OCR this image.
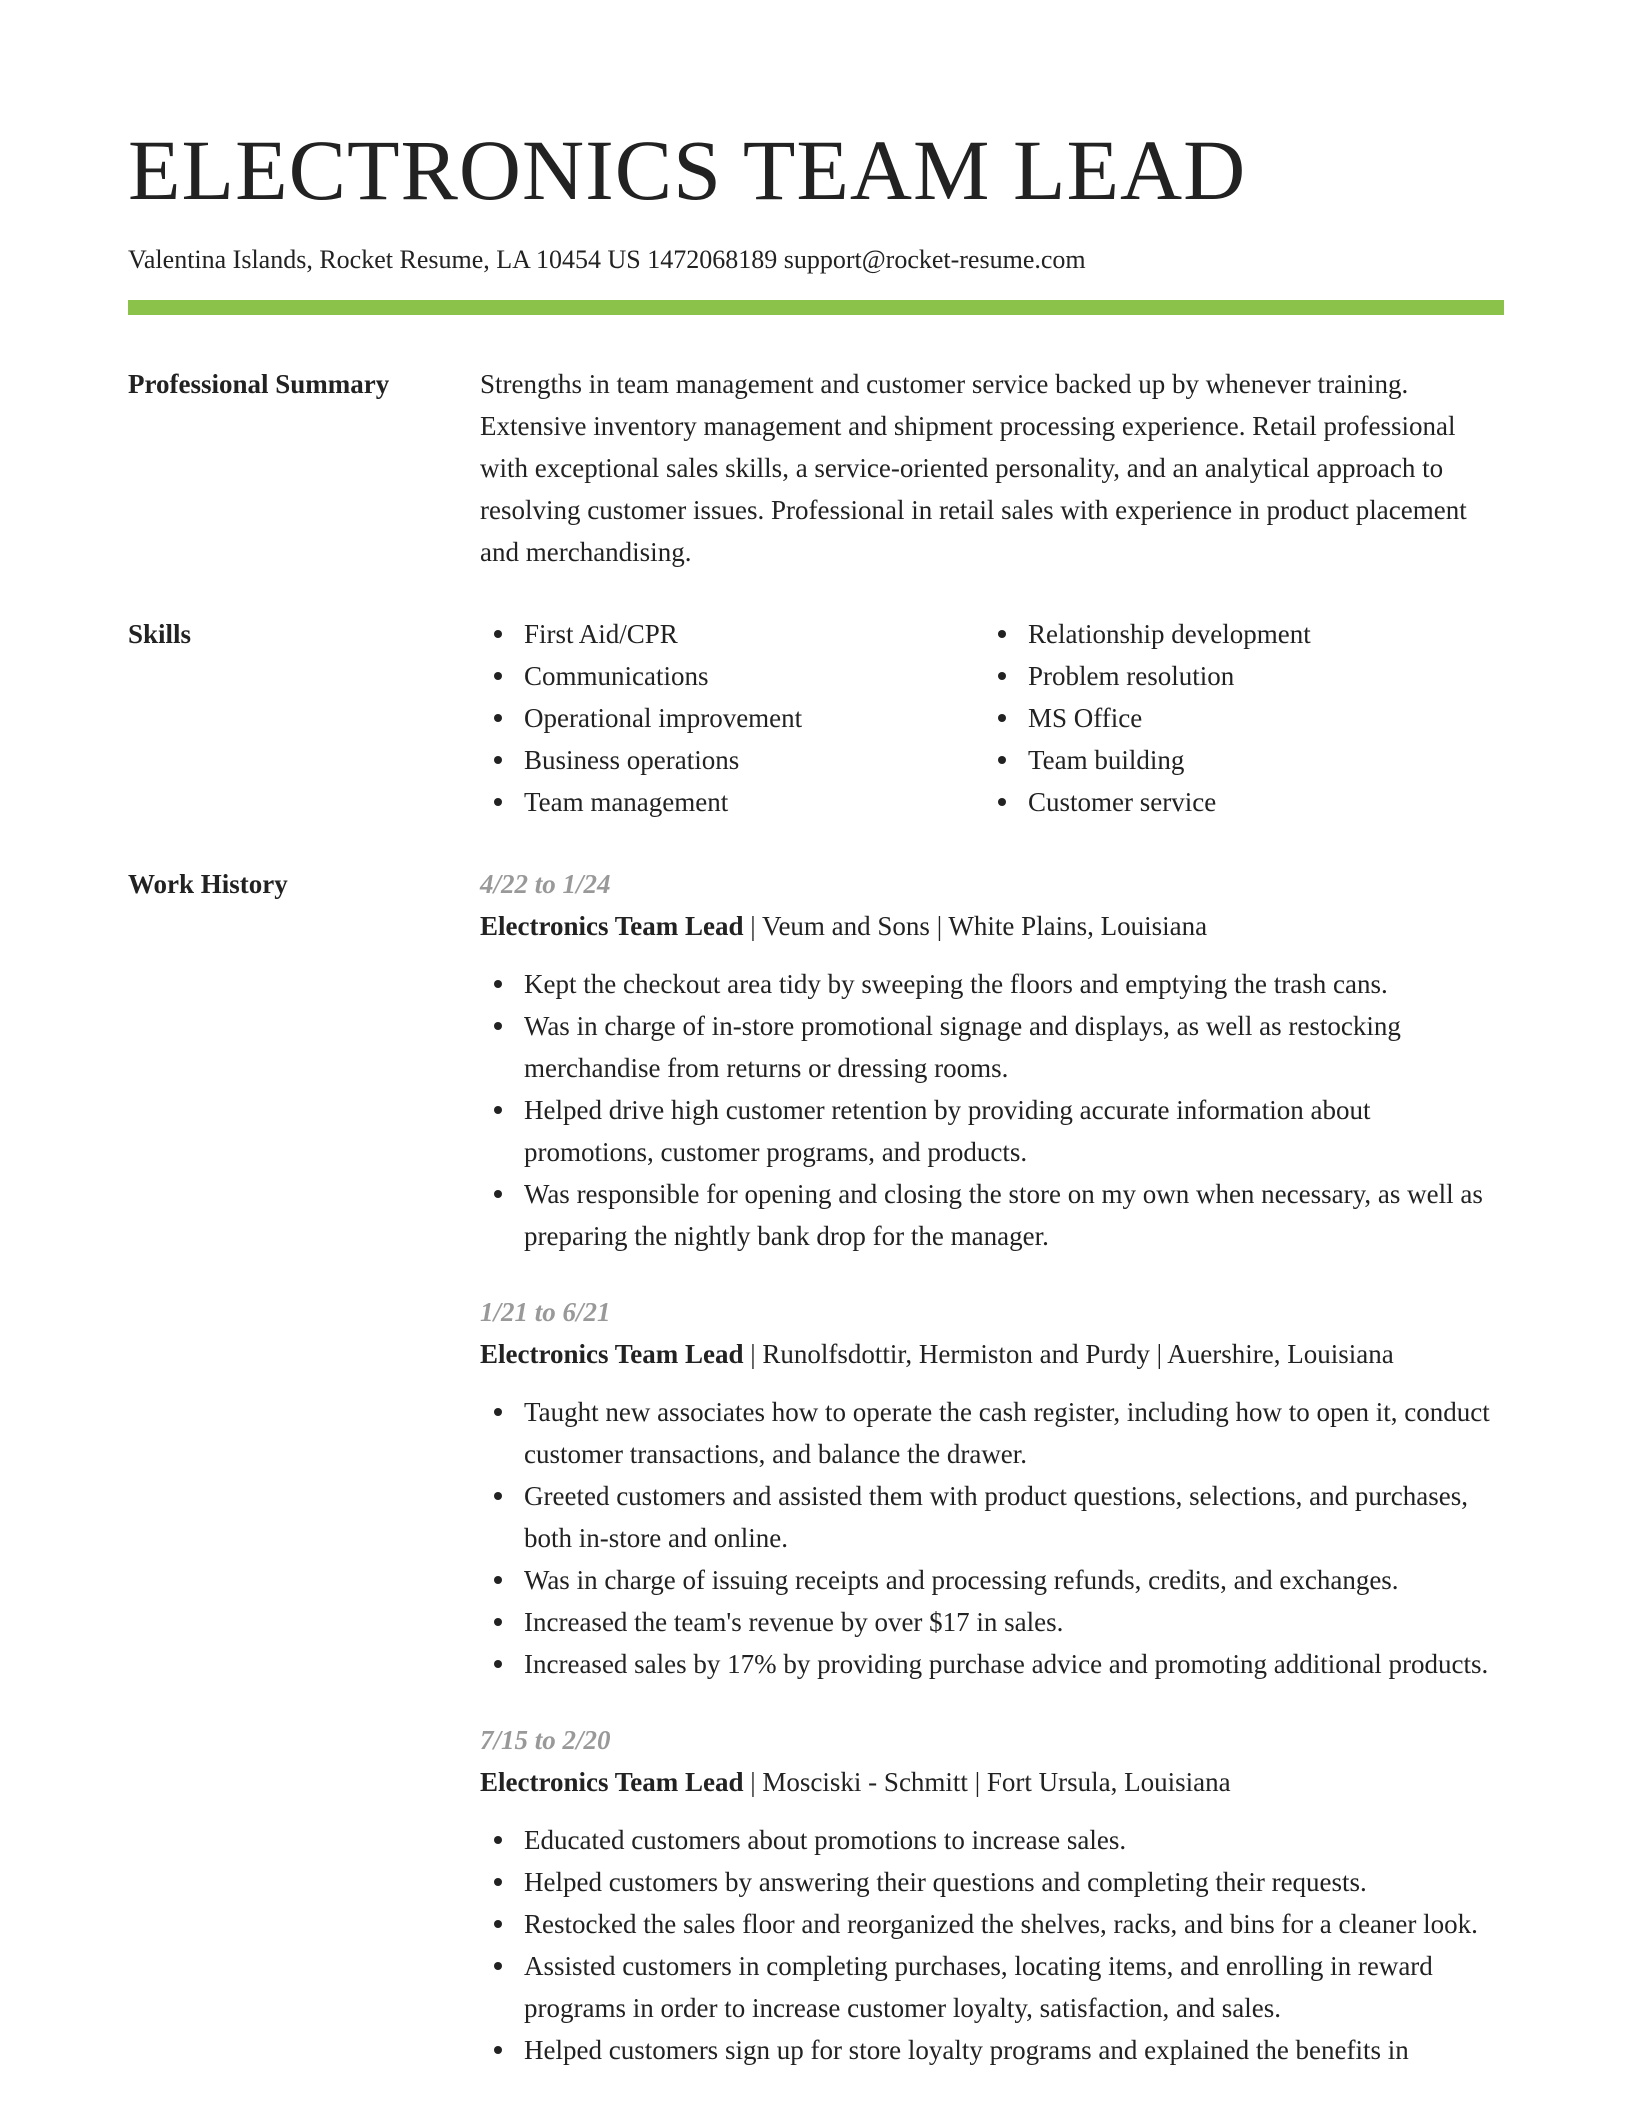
ELECTRONICS TEAM LEAD
Valentina Islands, Rocket Resume, LA 10454 US 1472068189 support@rocket-resume.com
Professional Summary	Strengths in team management and customer service backed up by whenever training. Extensive inventory management and shipment processing experience. Retail professional with exceptional sales skills, a service-oriented personality, and an analytical approach to resolving customer issues. Professional in retail sales with experience in product placement and merchandising.

Skills	First Aid/CPR
Communications
Operational improvement
Business operations
Team management
Relationship development
Problem resolution
MS Office
Team building
Customer service
Work History	4/22 to 1/24
Electronics Team Lead | Veum and Sons | White Plains, Louisiana
Kept the checkout area tidy by sweeping the floors and emptying the trash cans.
Was in charge of in-store promotional signage and displays, as well as restocking merchandise from returns or dressing rooms.
Helped drive high customer retention by providing accurate information about promotions, customer programs, and products.
Was responsible for opening and closing the store on my own when necessary, as well as preparing the nightly bank drop for the manager.
1/21 to 6/21
Electronics Team Lead | Runolfsdottir, Hermiston and Purdy | Auershire, Louisiana
Taught new associates how to operate the cash register, including how to open it, conduct customer transactions, and balance the drawer.
Greeted customers and assisted them with product questions, selections, and purchases, both in-store and online.
Was in charge of issuing receipts and processing refunds, credits, and exchanges.
Increased the team's revenue by over $17 in sales.
Increased sales by 17% by providing purchase advice and promoting additional products.
7/15 to 2/20
Electronics Team Lead | Mosciski - Schmitt | Fort Ursula, Louisiana
Educated customers about promotions to increase sales.
Helped customers by answering their questions and completing their requests.
Restocked the sales floor and reorganized the shelves, racks, and bins for a cleaner look.
Assisted customers in completing purchases, locating items, and enrolling in reward programs in order to increase customer loyalty, satisfaction, and sales.
Helped customers sign up for store loyalty programs and explained the benefits in
